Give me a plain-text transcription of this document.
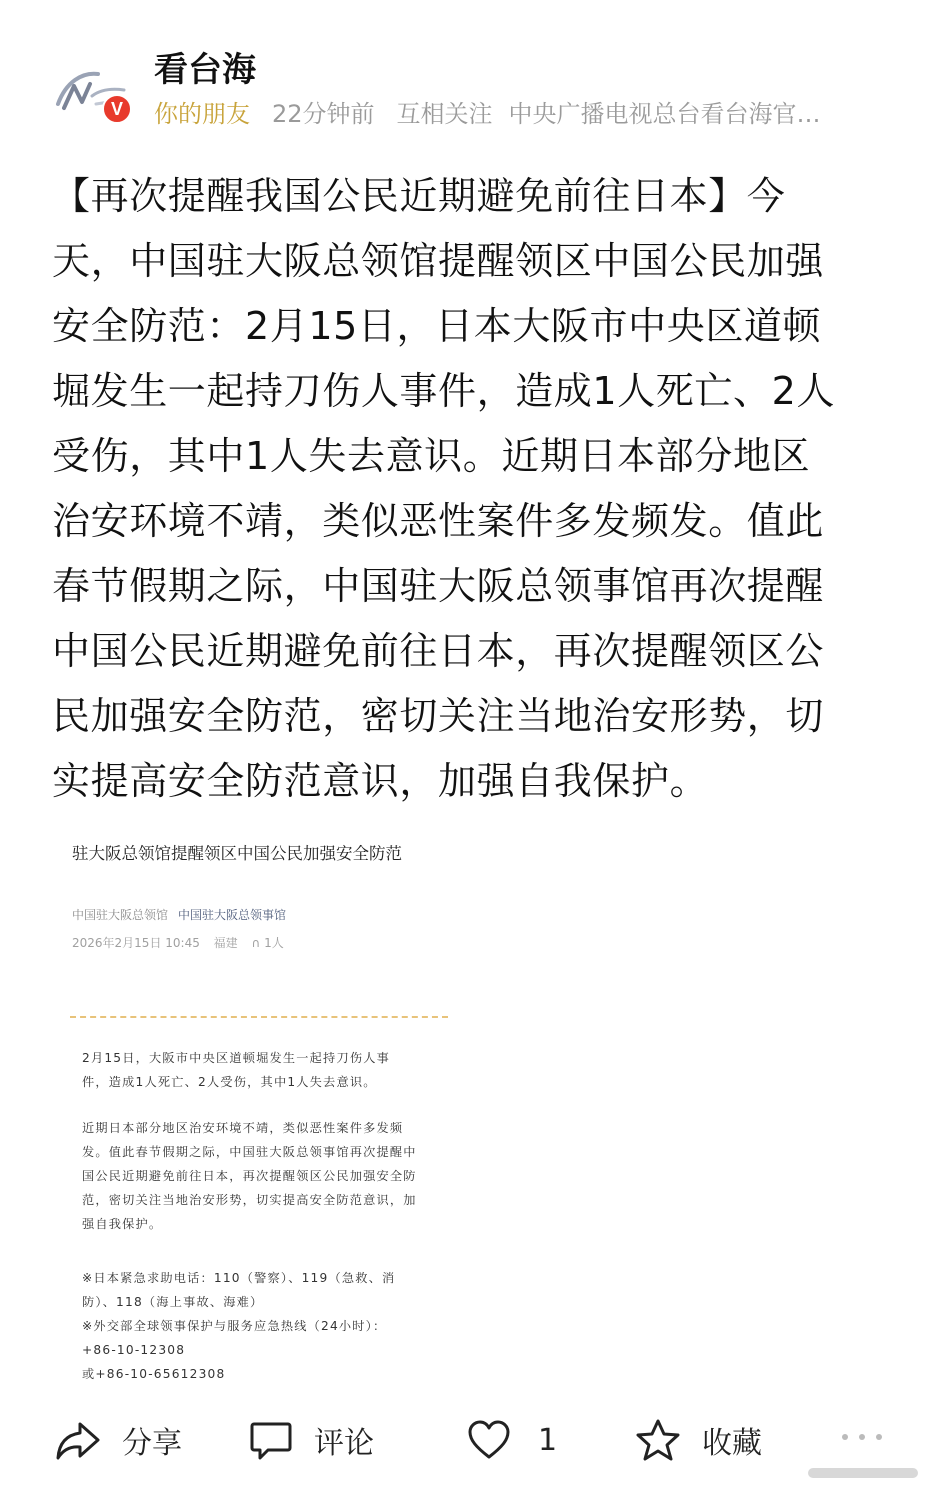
V
看台海
你的朋友 22分钟前 互相关注 中央广播电视总台看台海官…
【再次提醒我国公民近期避免前往日本】今
天，中国驻大阪总领馆提醒领区中国公民加强
安全防范：2月15日，日本大阪市中央区道顿
堀发生一起持刀伤人事件，造成1人死亡、2人
受伤，其中1人失去意识。近期日本部分地区
治安环境不靖，类似恶性案件多发频发。值此
春节假期之际，中国驻大阪总领事馆再次提醒
中国公民近期避免前往日本，再次提醒领区公
民加强安全防范，密切关注当地治安形势，切
实提高安全防范意识，加强自我保护。
驻大阪总领馆提醒领区中国公民加强安全防范
中国驻大阪总领馆 中国驻大阪总领事馆
2026年2月15日 10:45 福建 ∩ 1人
2月15日，大阪市中央区道顿堀发生一起持刀伤人事
件，造成1人死亡、2人受伤，其中1人失去意识。
近期日本部分地区治安环境不靖，类似恶性案件多发频
发。值此春节假期之际，中国驻大阪总领事馆再次提醒中
国公民近期避免前往日本，再次提醒领区公民加强安全防
范，密切关注当地治安形势，切实提高安全防范意识，加
强自我保护。
※日本紧急求助电话：110（警察）、119（急救、消
防）、118（海上事故、海难）
※外交部全球领事保护与服务应急热线（24小时）：
+86-10-12308
或+86-10-65612308
分享	评论	1	收藏
